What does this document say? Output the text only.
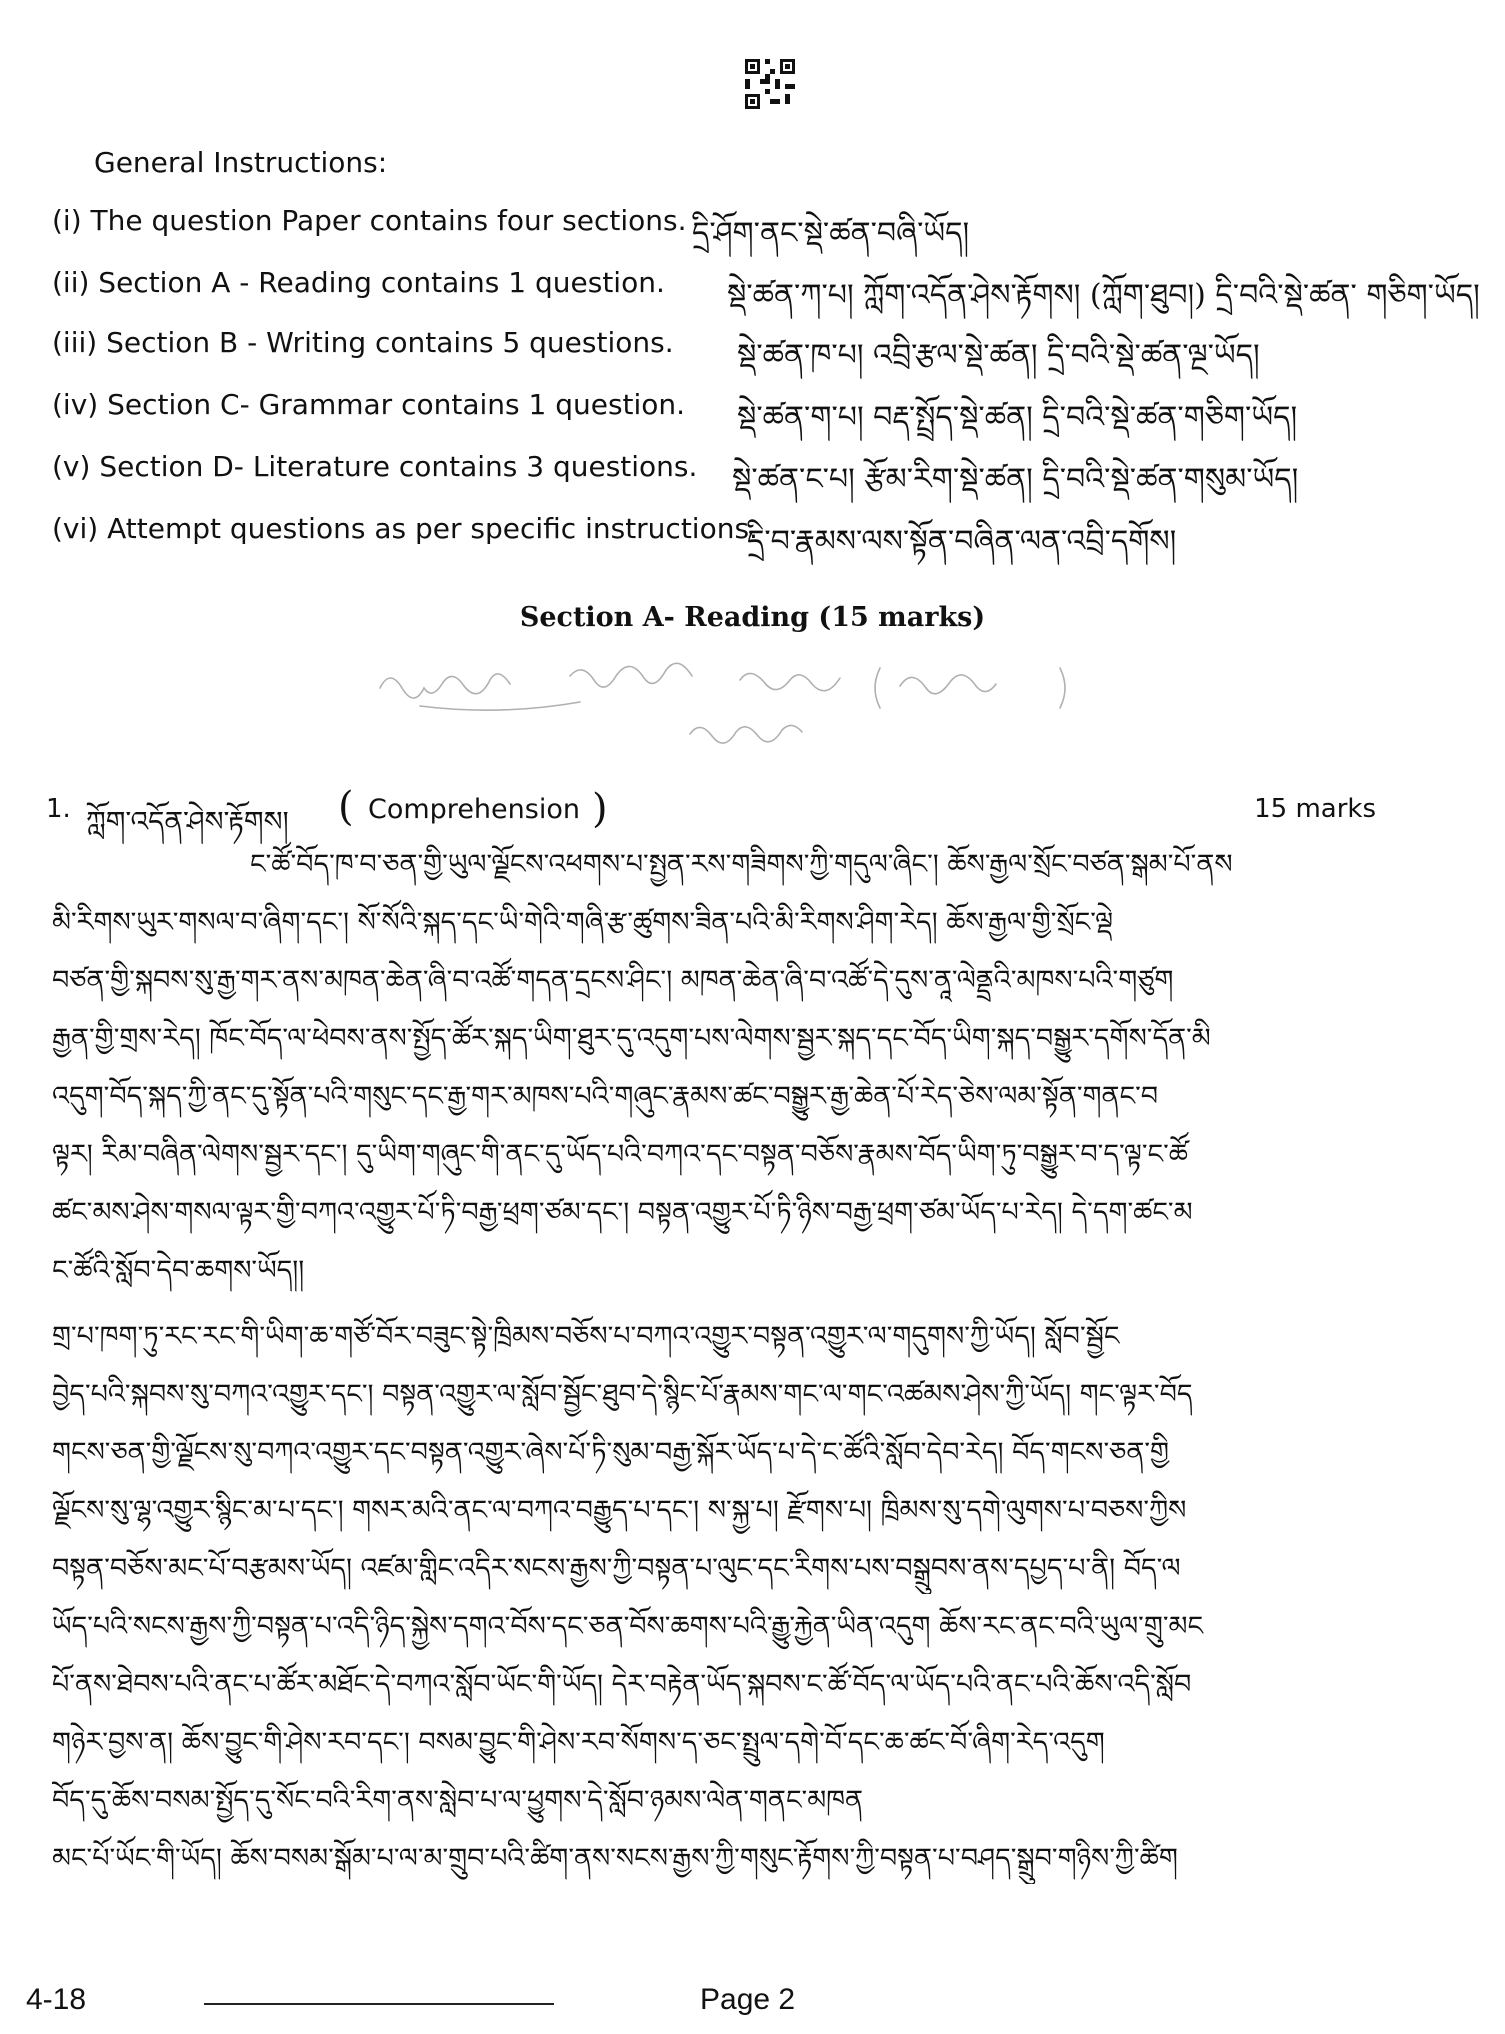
General Instructions:
(i) The question Paper contains four sections. དྲི་ཤོག་ནང་སྡེ་ཚན་བཞི་ཡོད།
(ii) Section A - Reading contains 1 question. སྡེ་ཚན་ཀ་པ། ཀློག་འདོན་ཤེས་རྟོགས། (ཀློག་ཐུབ།) དྲི་བའི་སྡེ་ཚན་ གཅིག་ཡོད།
(iii) Section B - Writing contains 5 questions. སྡེ་ཚན་ཁ་པ། འབྲི་རྩལ་སྡེ་ཚན། དྲི་བའི་སྡེ་ཚན་ལྔ་ཡོད།
(iv) Section C- Grammar contains 1 question. སྡེ་ཚན་ག་པ། བརྡ་སྤྲོད་སྡེ་ཚན། དྲི་བའི་སྡེ་ཚན་གཅིག་ཡོད།
(v) Section D- Literature contains 3 questions. སྡེ་ཚན་ང་པ། རྩོམ་རིག་སྡེ་ཚན། དྲི་བའི་སྡེ་ཚན་གསུམ་ཡོད།
(vi) Attempt questions as per specific instructions.
དྲི་བ་རྣམས་ལས་སྟོན་བཞིན་ལན་འབྲི་དགོས།
Section A- Reading (15 marks)
1. ཀློག་འདོན་ཤེས་རྟོགས། ( Comprehension )	15 marks
ང་ཚོ་བོད་ཁ་བ་ཅན་གྱི་ཡུལ་ལྗོངས་འཕགས་པ་སྤྱན་རས་གཟིགས་ཀྱི་གདུལ་ཞིང་། ཆོས་རྒྱལ་སྲོང་བཙན་སྒམ་པོ་ནས
མི་རིགས་ཡུར་གསལ་བ་ཞིག་དང་། སོ་སོའི་སྐད་དང་ཡི་གེའི་གཞི་རྩ་ཚུགས་ཟིན་པའི་མི་རིགས་ཤིག་རེད། ཆོས་རྒྱལ་གྱི་སྲོང་ལྡེ
བཙན་གྱི་སྐབས་སུ་རྒྱ་གར་ནས་མཁན་ཆེན་ཞི་བ་འཚོ་གདན་དྲངས་ཤིང་། མཁན་ཆེན་ཞི་བ་འཚོ་དེ་དུས་ནཱ་ལེནྡྲའི་མཁས་པའི་གཙུག
རྒྱན་གྱི་གྲས་རེད། ཁོང་བོད་ལ་ཕེབས་ནས་སྤྱོད་ཚོར་སྐད་ཡིག་ཐུར་དུ་འདུག་པས་ལེགས་སྦྱར་སྐད་དང་བོད་ཡིག་སྐད་བསྒྱུར་དགོས་དོན་མི
འདུག་བོད་སྐད་ཀྱི་ནང་དུ་སྟོན་པའི་གསུང་དང་རྒྱ་གར་མཁས་པའི་གཞུང་རྣམས་ཚང་བསྒྱུར་རྒྱ་ཆེན་པོ་རེད་ཅེས་ལམ་སྟོན་གནང་བ
ལྟར། རིམ་བཞིན་ལེགས་སྦྱར་དང་། དུ་ཡིག་གཞུང་གི་ནང་དུ་ཡོད་པའི་བཀའ་དང་བསྟན་བཅོས་རྣམས་བོད་ཡིག་ཏུ་བསྒྱུར་བ་ད་ལྟ་ང་ཚོ
ཚང་མས་ཤེས་གསལ་ལྟར་གྱི་བཀའ་འགྱུར་པོ་ཏི་བརྒྱ་ཕྲག་ཙམ་དང་། བསྟན་འགྱུར་པོ་ཏི་ཉིས་བརྒྱ་ཕྲག་ཙམ་ཡོད་པ་རེད། དེ་དག་ཚང་མ
ང་ཚོའི་སློབ་དེབ་ཆགས་ཡོད།།
གྲ་པ་ཁག་ཏུ་རང་རང་གི་ཡིག་ཆ་གཙོ་བོར་བཟུང་སྟེ་ཁྲིམས་བཅོས་པ་བཀའ་འགྱུར་བསྟན་འགྱུར་ལ་གདུགས་ཀྱི་ཡོད། སློབ་སྦྱོང
བྱེད་པའི་སྐབས་སུ་བཀའ་འགྱུར་དང་། བསྟན་འགྱུར་ལ་སློབ་སྦྱོང་ཐུབ་དེ་སྙིང་པོ་རྣམས་གང་ལ་གང་འཚམས་ཤེས་ཀྱི་ཡོད། གང་ལྟར་བོད
གངས་ཅན་གྱི་ལྗོངས་སུ་བཀའ་འགྱུར་དང་བསྟན་འགྱུར་ཞེས་པོ་ཏི་སུམ་བརྒྱ་སྐོར་ཡོད་པ་དེ་ང་ཚོའི་སློབ་དེབ་རེད། བོད་གངས་ཅན་གྱི
ལྗོངས་སུ་ལྷ་འགྱུར་སྙིང་མ་པ་དང་། གསར་མའི་ནང་ལ་བཀའ་བརྒྱུད་པ་དང་། ས་སྐྱ་པ། རྫོགས་པ། ཁྲིམས་སུ་དགེ་ལུགས་པ་བཅས་ཀྱིས
བསྟན་བཅོས་མང་པོ་བརྩམས་ཡོད། འཛམ་གླིང་འདིར་སངས་རྒྱས་ཀྱི་བསྟན་པ་ལུང་དང་རིགས་པས་བསྒྲུབས་ནས་དཔྱད་པ་ནི། བོད་ལ
ཡོད་པའི་སངས་རྒྱས་ཀྱི་བསྟན་པ་འདི་ཉིད་སྐྱེས་དགའ་བོས་དང་ཅན་བོས་ཆགས་པའི་རྒྱུ་རྐྱེན་ཡིན་འདུག ཆོས་རང་ནང་བའི་ཡུལ་གྲུ་མང
པོ་ནས་ཐེབས་པའི་ནང་པ་ཚོར་མཐོང་དེ་བཀའ་སློབ་ཡོང་གི་ཡོད། དེར་བརྟེན་ཡོད་སྐབས་ང་ཚོ་བོད་ལ་ཡོད་པའི་ནང་པའི་ཆོས་འདི་སློབ
གཉེར་བྱས་ན། ཆོས་བྱུང་གི་ཤེས་རབ་དང་། བསམ་བྱུང་གི་ཤེས་རབ་སོགས་ད་ཅང་སྤྲུལ་དགེ་བོ་དང་ཆ་ཚང་བོ་ཞིག་རེད་འདུག
བོད་དུ་ཆོས་བསམ་སྤྱོད་དུ་སོང་བའི་རིག་ནས་སླེབ་པ་ལ་ཕྱུགས་དེ་སློབ་ཉམས་ལེན་གནང་མཁན
མང་པོ་ཡོང་གི་ཡོད། ཆོས་བསམ་སྒོམ་པ་ལ་མ་གྲུབ་པའི་ཚིག་ནས་སངས་རྒྱས་ཀྱི་གསུང་རྟོགས་ཀྱི་བསྟན་པ་བཤད་སྒྲུབ་གཉིས་ཀྱི་ཚིག
4-18	Page 2
